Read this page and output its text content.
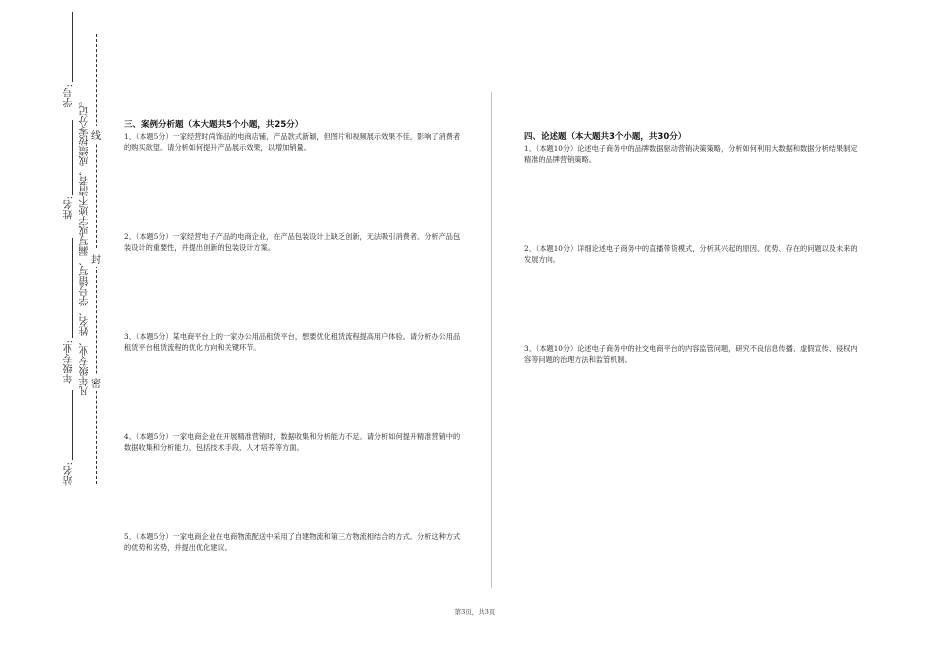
学号:
姓名:
年级专业:
站名:
凡年级专业、姓名、学号错写、漏写或字迹不清者，成绩按零分记。 线
封
密
三、案例分析题（本大题共5个小题，共25分）
1、（本题5分）一家经营时尚饰品的电商店铺，产品款式新颖，但图片和视频展示效果不佳，影响了消费者的购买欲望。请分析如何提升产品展示效果，以增加销量。
2、（本题5分）一家经营电子产品的电商企业，在产品包装设计上缺乏创新，无法吸引消费者。分析产品包装设计的重要性，并提出创新的包装设计方案。
3、（本题5分）某电商平台上的一家办公用品租赁平台，想要优化租赁流程提高用户体验。请分析办公用品租赁平台租赁流程的优化方向和关键环节。
4、（本题5分）一家电商企业在开展精准营销时，数据收集和分析能力不足。请分析如何提升精准营销中的数据收集和分析能力，包括技术手段、人才培养等方面。
5、（本题5分）一家电商企业在电商物流配送中采用了自建物流和第三方物流相结合的方式。分析这种方式的优势和劣势，并提出优化建议。
四、论述题（本大题共3个小题，共30分）
1、（本题10分）论述电子商务中的品牌数据驱动营销决策策略，分析如何利用大数据和数据分析结果制定精准的品牌营销策略。
2、（本题10分）详细论述电子商务中的直播带货模式，分析其兴起的原因、优势、存在的问题以及未来的发展方向。
3、（本题10分）论述电子商务中的社交电商平台的内容监管问题，研究不良信息传播、虚假宣传、侵权内容等问题的治理方法和监管机制。
第3页，共3页
